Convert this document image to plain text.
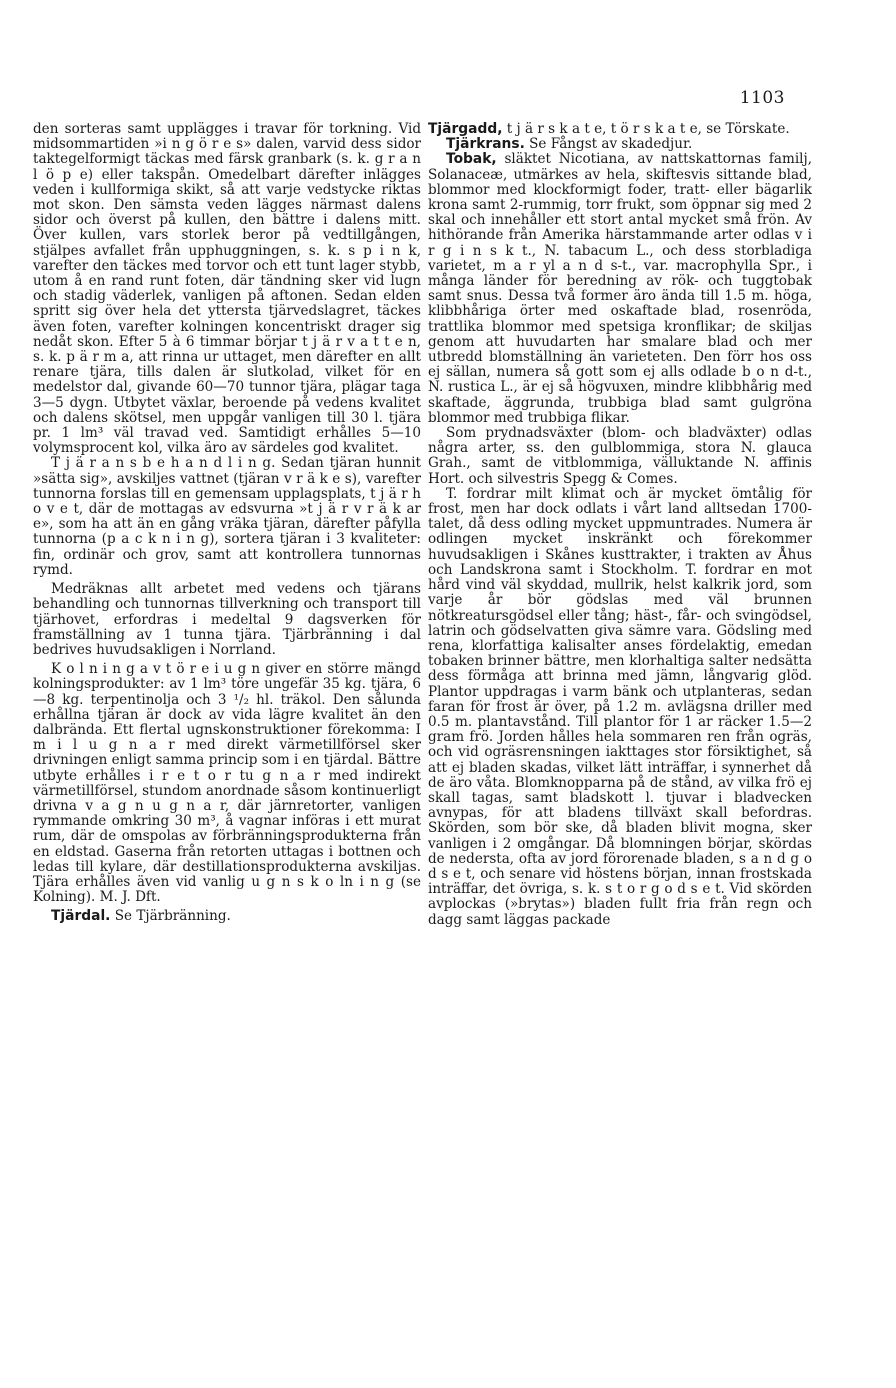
1103

den sorteras samt upplägges i travar för torkning. Vid midsommartiden »i n g ö r e s» dalen, varvid dess sidor taktegelformigt täckas med färsk granbark (s. k. g r a n l ö p e) eller takspån. Omedelbart därefter inlägges veden i kullformiga skikt, så att varje vedstycke riktas mot skon. Den sämsta veden lägges närmast dalens sidor och överst på kullen, den bättre i dalens mitt. Över kullen, vars storlek beror på vedtillgången, stjälpes avfallet från upphuggningen, s. k. s p i n k, varefter den täckes med torvor och ett tunt lager stybb, utom å en rand runt foten, där tändning sker vid lugn och stadig väderlek, vanligen på aftonen. Sedan elden spritt sig över hela det yttersta tjärvedslagret, täckes även foten, varefter kolningen koncentriskt drager sig nedåt skon. Efter 5 à 6 timmar börjar t j ä r v a t t e n, s. k. p ä r m a, att rinna ur uttaget, men därefter en allt renare tjära, tills dalen är slutkolad, vilket för en medelstor dal, givande 60—70 tunnor tjära, plägar taga 3—5 dygn. Utbytet växlar, beroende på vedens kvalitet och dalens skötsel, men uppgår vanligen till 30 l. tjära pr. 1 lm³ väl travad ved. Samtidigt erhålles 5—10 volymsprocent kol, vilka äro av särdeles god kvalitet.

T j ä r a n s b e h a n d l i n g. Sedan tjäran hunnit »sätta sig», avskiljes vattnet (tjäran v r ä k e s), varefter tunnorna forslas till en gemensam upplagsplats, t j ä r h o v e t, där de mottagas av edsvurna »t j ä r v r ä k ar e», som ha att än en gång vräka tjäran, därefter påfylla tunnorna (p a c k n i n g), sortera tjäran i 3 kvaliteter: fin, ordinär och grov, samt att kontrollera tunnornas rymd.

Medräknas allt arbetet med vedens och tjärans behandling och tunnornas tillverkning och transport till tjärhovet, erfordras i medeltal 9 dagsverken för framställning av 1 tunna tjära. Tjärbränning i dal bedrives huvudsakligen i Norrland.

K o l n i n g a v t ö r e i u g n giver en större mängd kolningsprodukter: av 1 lm³ töre ungefär 35 kg. tjära, 6—8 kg. terpentinolja och 3 ¹/₂ hl. träkol. Den sålunda erhållna tjäran är dock av vida lägre kvalitet än den dalbrända. Ett flertal ugnskonstruktioner förekomma: I m i l u g n a r med direkt värmetillförsel sker drivningen enligt samma princip som i en tjärdal. Bättre utbyte erhålles i r e t o r tu g n a r med indirekt värmetillförsel, stundom anordnade såsom kontinuerligt drivna v a g n u g n a r, där järnretorter, vanligen rymmande omkring 30 m³, å vagnar införas i ett murat rum, där de omspolas av förbränningsprodukterna från en eldstad. Gaserna från retorten uttagas i bottnen och ledas till kylare, där destillationsprodukterna avskiljas. Tjära erhålles även vid vanlig u g n s k o ln i n g (se Kolning). M. J. Dft.

Tjärdal. Se Tjärbränning.

Tjärgadd, t j ä r s k a t e, t ö r s k a t e, se Törskate.

Tjärkrans. Se Fångst av skadedjur.

Tobak, släktet Nicotiana, av nattskattornas familj, Solanaceæ, utmärkes av hela, skiftesvis sittande blad, blommor med klockformigt foder, tratt- eller bägarlik krona samt 2-rummig, torr frukt, som öppnar sig med 2 skal och innehåller ett stort antal mycket små frön. Av hithörande från Amerika härstammande arter odlas v i r g i n s k t., N. tabacum L., och dess storbladiga varietet, m a r yl a n d s-t., var. macrophylla Spr., i många länder för beredning av rök- och tuggtobak samt snus. Dessa två former äro ända till 1.5 m. höga, klibbhåriga örter med oskaftade blad, rosenröda, trattlika blommor med spetsiga kronflikar; de skiljas genom att huvudarten har smalare blad och mer utbredd blomställning än varieteten. Den förr hos oss ej sällan, numera så gott som ej alls odlade b o n d-t., N. rustica L., är ej så högvuxen, mindre klibbhårig med skaftade, äggrunda, trubbiga blad samt gulgröna blommor med trubbiga flikar.

Som prydnadsväxter (blom- och bladväxter) odlas några arter, ss. den gulblommiga, stora N. glauca Grah., samt de vitblommiga, välluktande N. affinis Hort. och silvestris Spegg & Comes.

T. fordrar milt klimat och är mycket ömtålig för frost, men har dock odlats i vårt land alltsedan 1700-talet, då dess odling mycket uppmuntrades. Numera är odlingen mycket inskränkt och förekommer huvudsakligen i Skånes kusttrakter, i trakten av Åhus och Landskrona samt i Stockholm. T. fordrar en mot hård vind väl skyddad, mullrik, helst kalkrik jord, som varje år bör gödslas med väl brunnen nötkreatursgödsel eller tång; häst-, får- och svingödsel, latrin och gödselvatten giva sämre vara. Gödsling med rena, klorfattiga kalisalter anses fördelaktig, emedan tobaken brinner bättre, men klorhaltiga salter nedsätta dess förmåga att brinna med jämn, långvarig glöd. Plantor uppdragas i varm bänk och utplanteras, sedan faran för frost är över, på 1.2 m. avlägsna driller med 0.5 m. plantavstånd. Till plantor för 1 ar räcker 1.5—2 gram frö. Jorden hålles hela sommaren ren från ogräs, och vid ogräsrensningen iakttages stor försiktighet, så att ej bladen skadas, vilket lätt inträffar, i synnerhet då de äro våta. Blomknopparna på de stånd, av vilka frö ej skall tagas, samt bladskott l. tjuvar i bladvecken avnypas, för att bladens tillväxt skall befordras. Skörden, som bör ske, då bladen blivit mogna, sker vanligen i 2 omgångar. Då blomningen börjar, skördas de nedersta, ofta av jord förorenade bladen, s a n d g o d s e t, och senare vid höstens början, innan frostskada inträffar, det övriga, s. k. s t o r g o d s e t. Vid skörden avplockas (»brytas») bladen fullt fria från regn och dagg samt läggas packade
